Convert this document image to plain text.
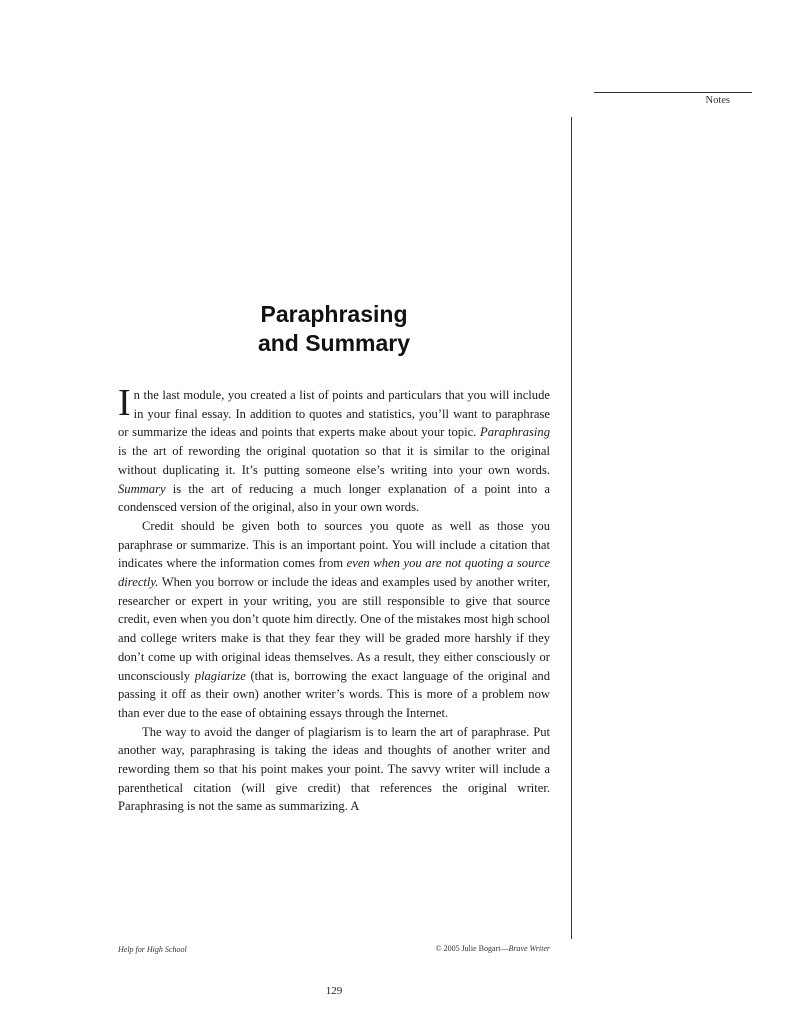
Notes
Paraphrasing
and Summary

In the last module, you created a list of points and particulars that you will include in your final essay. In addition to quotes and statistics, you’ll want to paraphrase or summarize the ideas and points that experts make about your topic. Paraphrasing is the art of rewording the original quotation so that it is similar to the original without duplicating it. It’s putting someone else’s writing into your own words. Summary is the art of reducing a much longer explanation of a point into a condensced version of the original, also in your own words.

Credit should be given both to sources you quote as well as those you paraphrase or summarize. This is an important point. You will include a citation that indicates where the information comes from even when you are not quoting a source directly. When you borrow or include the ideas and examples used by another writer, researcher or expert in your writing, you are still responsible to give that source credit, even when you don’t quote him directly. One of the mistakes most high school and college writers make is that they fear they will be graded more harshly if they don’t come up with original ideas themselves. As a result, they either consciously or unconsciously plagiarize (that is, borrowing the exact language of the original and passing it off as their own) another writer’s words. This is more of a problem now than ever due to the ease of obtaining essays through the Internet.

The way to avoid the danger of plagiarism is to learn the art of paraphrase. Put another way, paraphrasing is taking the ideas and thoughts of another writer and rewording them so that his point makes your point. The savvy writer will include a parenthetical citation (will give credit) that references the original writer. Paraphrasing is not the same as summarizing. A

Help for High School	© 2005 Julie Bogart—Brave Writer
129
